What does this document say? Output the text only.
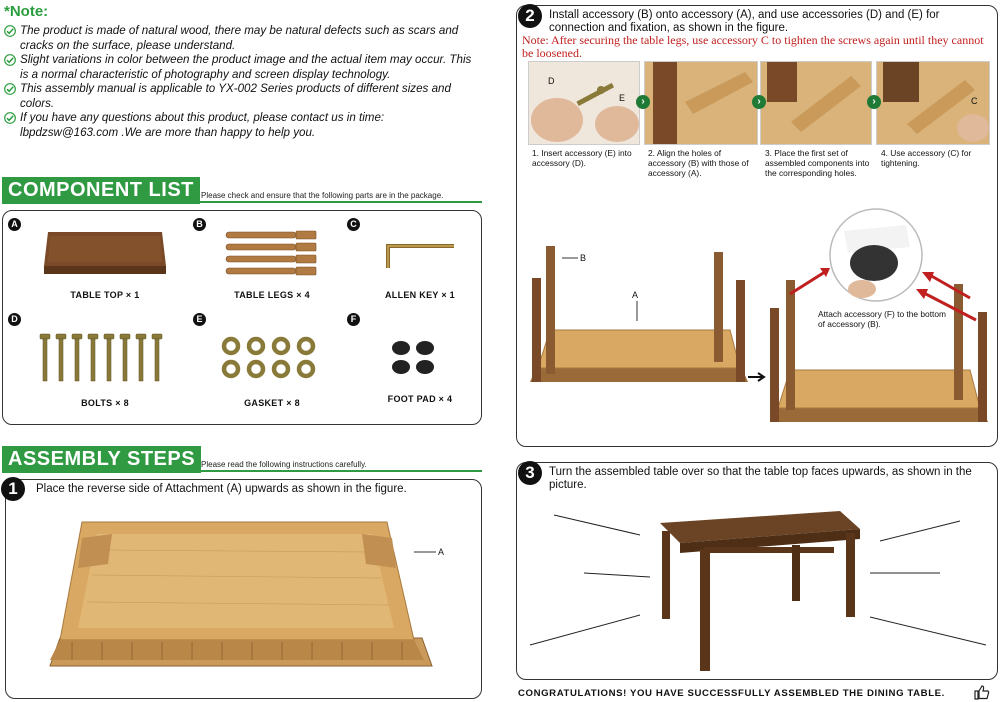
*Note:
The product is made of natural wood, there may be natural defects such as scars and cracks on the surface, please understand.
Slight variations in color between the product image and the actual item may occur. This is a normal characteristic of photography and screen display technology.
This assembly manual is applicable to YX-002 Series products of different sizes and colors.
If you have any questions about this product, please contact us in time: lbpdzsw@163.com .We are more than happy to help you.
COMPONENT LIST Please check and ensure that the following parts are in the package.
A
TABLE TOP × 1
B
TABLE LEGS × 4
C
ALLEN KEY × 1
D
BOLTS × 8
E
GASKET × 8
F
FOOT PAD × 4
ASSEMBLY STEPS Please read the following instructions carefully.
1	Place the reverse side of Attachment (A) upwards as shown in the figure.
A
2	Install accessory (B) onto accessory (A), and use accessories (D) and (E) for connection and fixation, as shown in the figure.
Note: After securing the table legs, use accessory C to tighten the screws again until they cannot be loosened.
D
E	C
›	›	›
1. Insert accessory (E) into accessory (D).
2. Align the holes of accessory (B) with those of accessory (A).
3. Place the first set of assembled components into the corresponding holes.
4. Use accessory (C) for tightening.
B
A
Attach accessory (F) to the bottom of accessory (B).
3	Turn the assembled table over so that the table top faces upwards, as shown in the picture.
CONGRATULATIONS! YOU HAVE SUCCESSFULLY ASSEMBLED THE DINING TABLE.
